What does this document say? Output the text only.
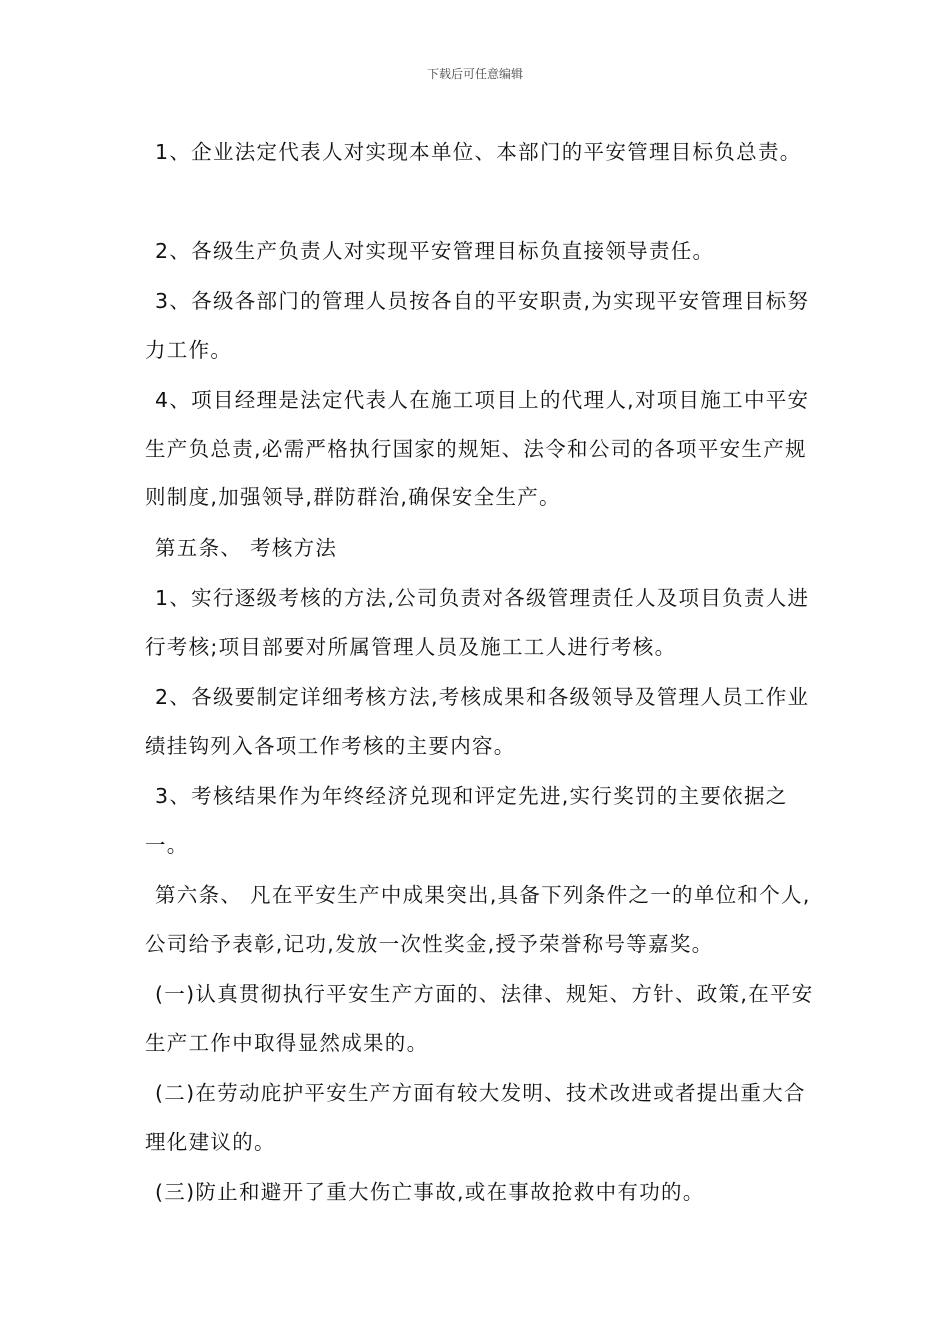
下载后可任意编辑

1、企业法定代表人对实现本单位、本部门的平安管理目标负总责。

2、各级生产负责人对实现平安管理目标负直接领导责任。

3、各级各部门的管理人员按各自的平安职责,为实现平安管理目标努力工作。

4、项目经理是法定代表人在施工项目上的代理人,对项目施工中平安生产负总责,必需严格执行国家的规矩、法令和公司的各项平安生产规则制度,加强领导,群防群治,确保安全生产。

第五条、 考核方法

1、实行逐级考核的方法,公司负责对各级管理责任人及项目负责人进行考核;项目部要对所属管理人员及施工工人进行考核。

2、各级要制定详细考核方法,考核成果和各级领导及管理人员工作业绩挂钩列入各项工作考核的主要内容。

3、考核结果作为年终经济兑现和评定先进,实行奖罚的主要依据之一。

第六条、 凡在平安生产中成果突出,具备下列条件之一的单位和个人,公司给予表彰,记功,发放一次性奖金,授予荣誉称号等嘉奖。

(一)认真贯彻执行平安生产方面的、法律、规矩、方针、政策,在平安生产工作中取得显然成果的。

(二)在劳动庇护平安生产方面有较大发明、技术改进或者提出重大合理化建议的。

(三)防止和避开了重大伤亡事故,或在事故抢救中有功的。
